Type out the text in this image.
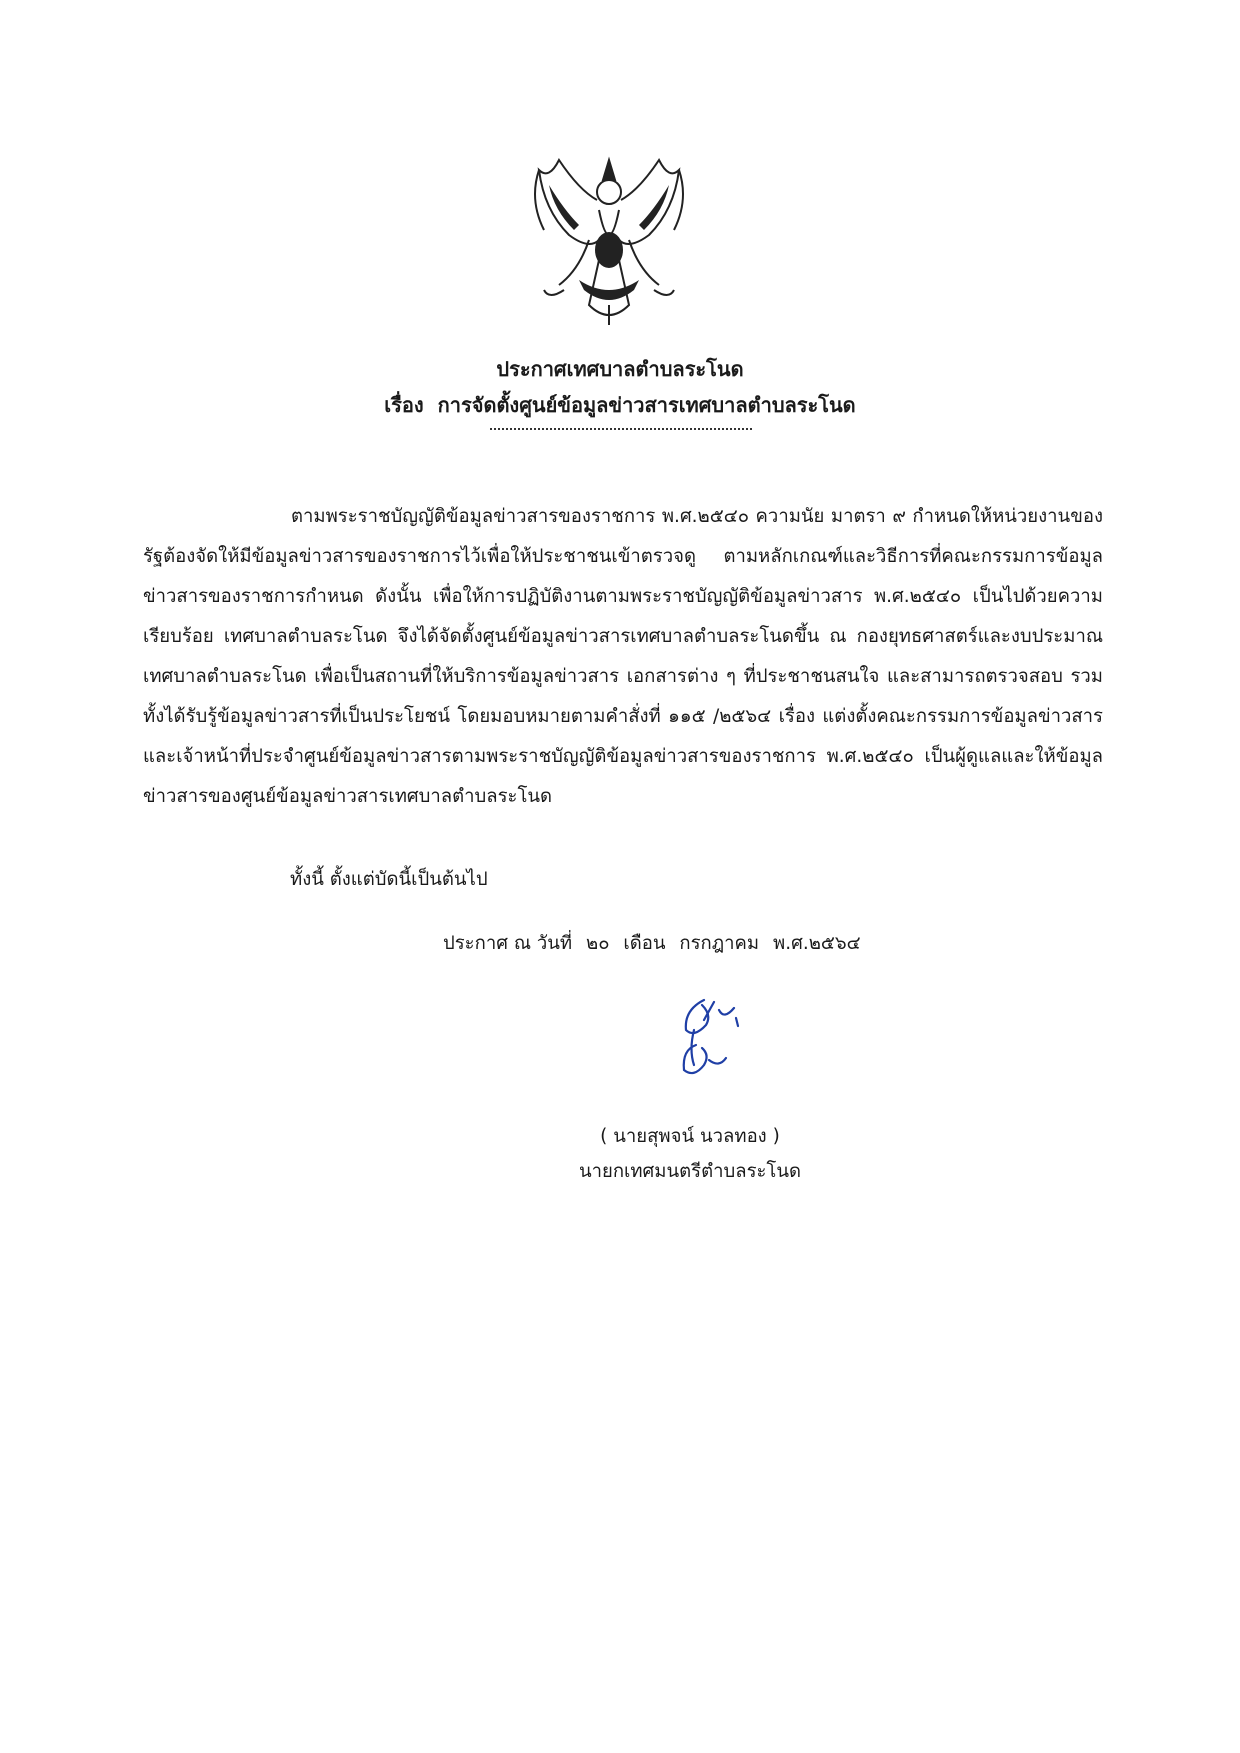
ประกาศเทศบาลตำบลระโนด
เรื่อง การจัดตั้งศูนย์ข้อมูลข่าวสารเทศบาลตำบลระโนด

ตามพระราชบัญญัติข้อมูลข่าวสารของราชการ พ.ศ.๒๕๔๐ ความนัย มาตรา ๙ กำหนดให้หน่วยงานของรัฐต้องจัดให้มีข้อมูลข่าวสารของราชการไว้เพื่อให้ประชาชนเข้าตรวจดู ตามหลักเกณฑ์และวิธีการที่คณะกรรมการข้อมูลข่าวสารของราชการกำหนด ดังนั้น เพื่อให้การปฏิบัติงานตามพระราชบัญญัติข้อมูลข่าวสาร พ.ศ.๒๕๔๐ เป็นไปด้วยความเรียบร้อย เทศบาลตำบลระโนด จึงได้จัดตั้งศูนย์ข้อมูลข่าวสารเทศบาลตำบลระโนดขึ้น ณ กองยุทธศาสตร์และงบประมาณ เทศบาลตำบลระโนด เพื่อเป็นสถานที่ให้บริการข้อมูลข่าวสาร เอกสารต่าง ๆ ที่ประชาชนสนใจ และสามารถตรวจสอบ รวมทั้งได้รับรู้ข้อมูลข่าวสารที่เป็นประโยชน์ โดยมอบหมายตามคำสั่งที่ ๑๑๕ /๒๕๖๔ เรื่อง แต่งตั้งคณะกรรมการข้อมูลข่าวสารและเจ้าหน้าที่ประจำศูนย์ข้อมูลข่าวสารตามพระราชบัญญัติข้อมูลข่าวสารของราชการ พ.ศ.๒๕๔๐ เป็นผู้ดูแลและให้ข้อมูลข่าวสารของศูนย์ข้อมูลข่าวสารเทศบาลตำบลระโนด

ทั้งนี้ ตั้งแต่บัดนี้เป็นต้นไป
ประกาศ ณ วันที่ ๒๐ เดือน กรกฎาคม พ.ศ.๒๕๖๔
( นายสุพจน์ นวลทอง )
นายกเทศมนตรีตำบลระโนด
